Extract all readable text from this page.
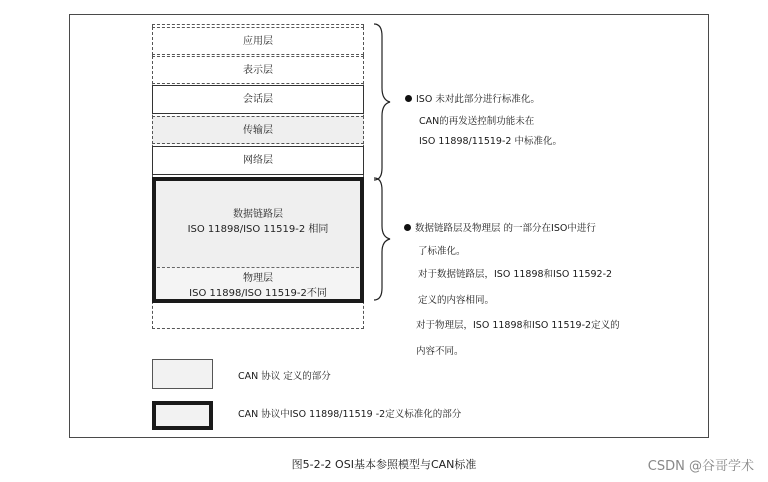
应用层
表示层
会话层
传输层
网络层
数据链路层
ISO 11898/ISO 11519-2 相同
物理层
ISO 11898/ISO 11519-2不同
ISO 未对此部分进行标准化。
CAN的再发送控制功能未在
ISO 11898/11519-2 中标准化。
数据链路层及物理层 的一部分在ISO中进行
了标准化。
对于数据链路层，ISO 11898和ISO 11592-2
定义的内容相同。
对于物理层，ISO 11898和ISO 11519-2定义的
内容不同。
CAN 协议 定义的部分
CAN 协议中ISO 11898/11519 -2定义标准化的部分
图5-2-2 OSI基本参照模型与CAN标准	CSDN @谷哥学术
